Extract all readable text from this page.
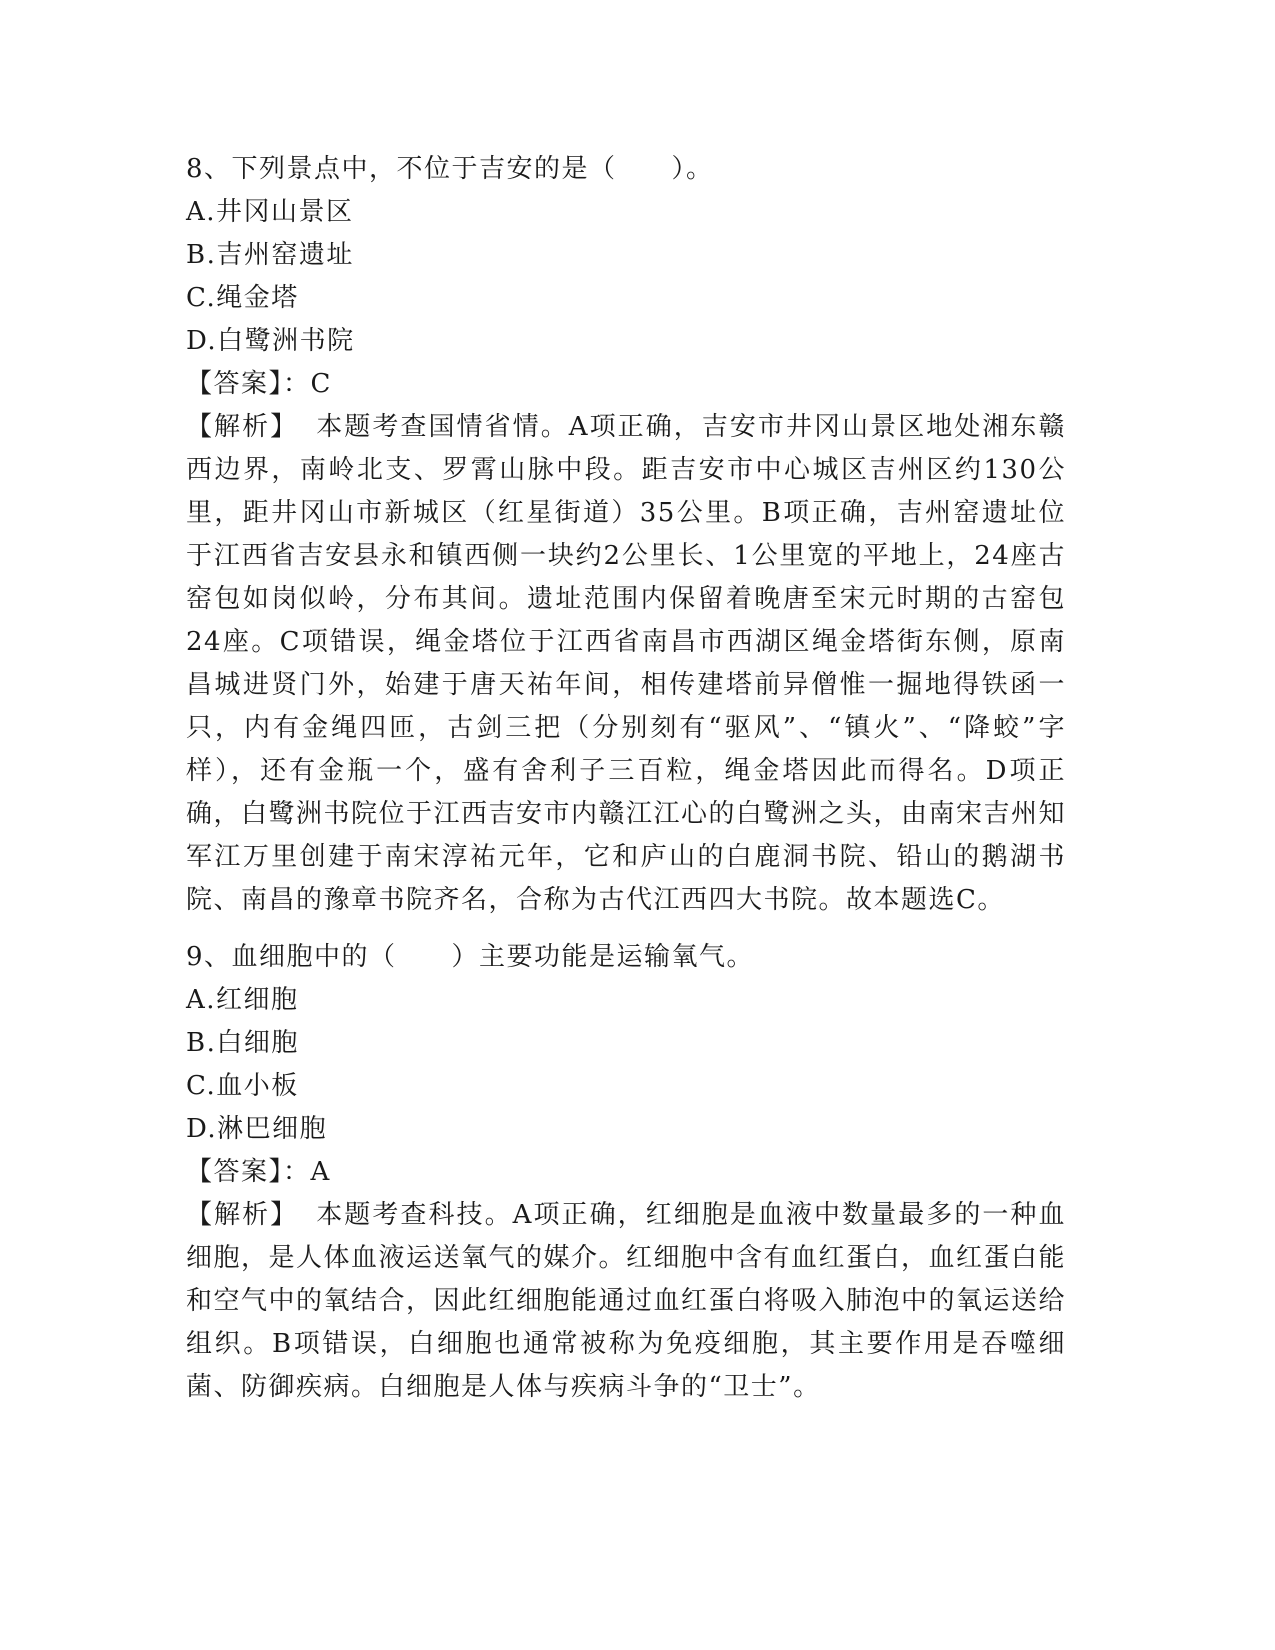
8、下列景点中，不位于吉安的是（　　）。

A.井冈山景区

B.吉州窑遗址

C.绳金塔

D.白鹭洲书院

【答案】：C

【解析】 本题考查国情省情。A项正确，吉安市井冈山景区地处湘东赣西边界，南岭北支、罗霄山脉中段。距吉安市中心城区吉州区约130公里，距井冈山市新城区（红星街道）35公里。B项正确，吉州窑遗址位于江西省吉安县永和镇西侧一块约2公里长、1公里宽的平地上，24座古窑包如岗似岭，分布其间。遗址范围内保留着晚唐至宋元时期的古窑包24座。C项错误，绳金塔位于江西省南昌市西湖区绳金塔街东侧，原南昌城进贤门外，始建于唐天祐年间，相传建塔前异僧惟一掘地得铁函一只，内有金绳四匝，古剑三把（分别刻有“驱风”、“镇火”、“降蛟”字样），还有金瓶一个，盛有舍利子三百粒，绳金塔因此而得名。D项正确，白鹭洲书院位于江西吉安市内赣江江心的白鹭洲之头，由南宋吉州知军江万里创建于南宋淳祐元年，它和庐山的白鹿洞书院、铅山的鹅湖书院、南昌的豫章书院齐名，合称为古代江西四大书院。故本题选C。

9、血细胞中的（　　）主要功能是运输氧气。

A.红细胞

B.白细胞

C.血小板

D.淋巴细胞

【答案】：A

【解析】 本题考查科技。A项正确，红细胞是血液中数量最多的一种血细胞，是人体血液运送氧气的媒介。红细胞中含有血红蛋白，血红蛋白能和空气中的氧结合，因此红细胞能通过血红蛋白将吸入肺泡中的氧运送给组织。B项错误，白细胞也通常被称为免疫细胞，其主要作用是吞噬细菌、防御疾病。白细胞是人体与疾病斗争的“卫士”。
